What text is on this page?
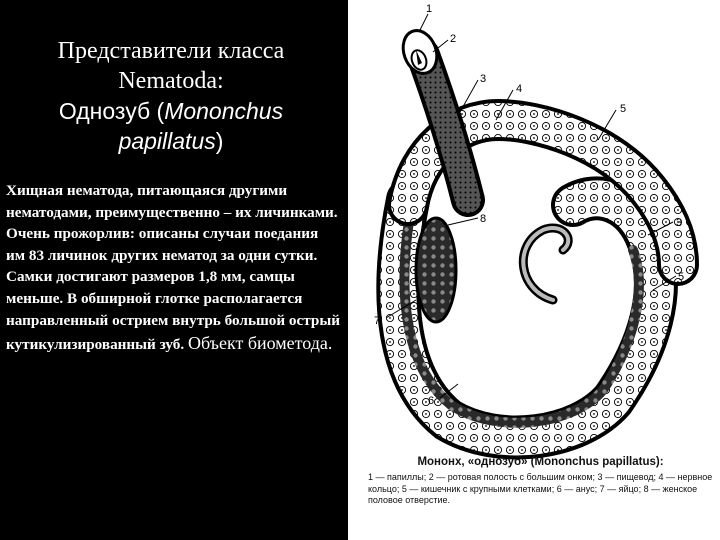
Представители класса
Nematoda:
Однозуб (Mononchus
papillatus)
Хищная нематода, питающаяся другими нематодами, преимущественно – их личинками. Очень прожорлив: описаны случаи поедания им 83 личинок других нематод за одни сутки. Самки достигают размеров 1,8 мм, самцы меньше. В обширной глотке располагается направленный острием внутрь большой острый кутикулизированный зуб. Объект биометода.
1
2
3
4
5
8	3
5
7
6
Мононх, «однозуб» (Mononchus papillatus):
1 — папиллы; 2 — ротовая полость с большим онком; 3 — пищевод; 4 — нервное кольцо; 5 — кишечник с крупными клетками; 6 — анус; 7 — яйцо; 8 — женское половое отверстие.
